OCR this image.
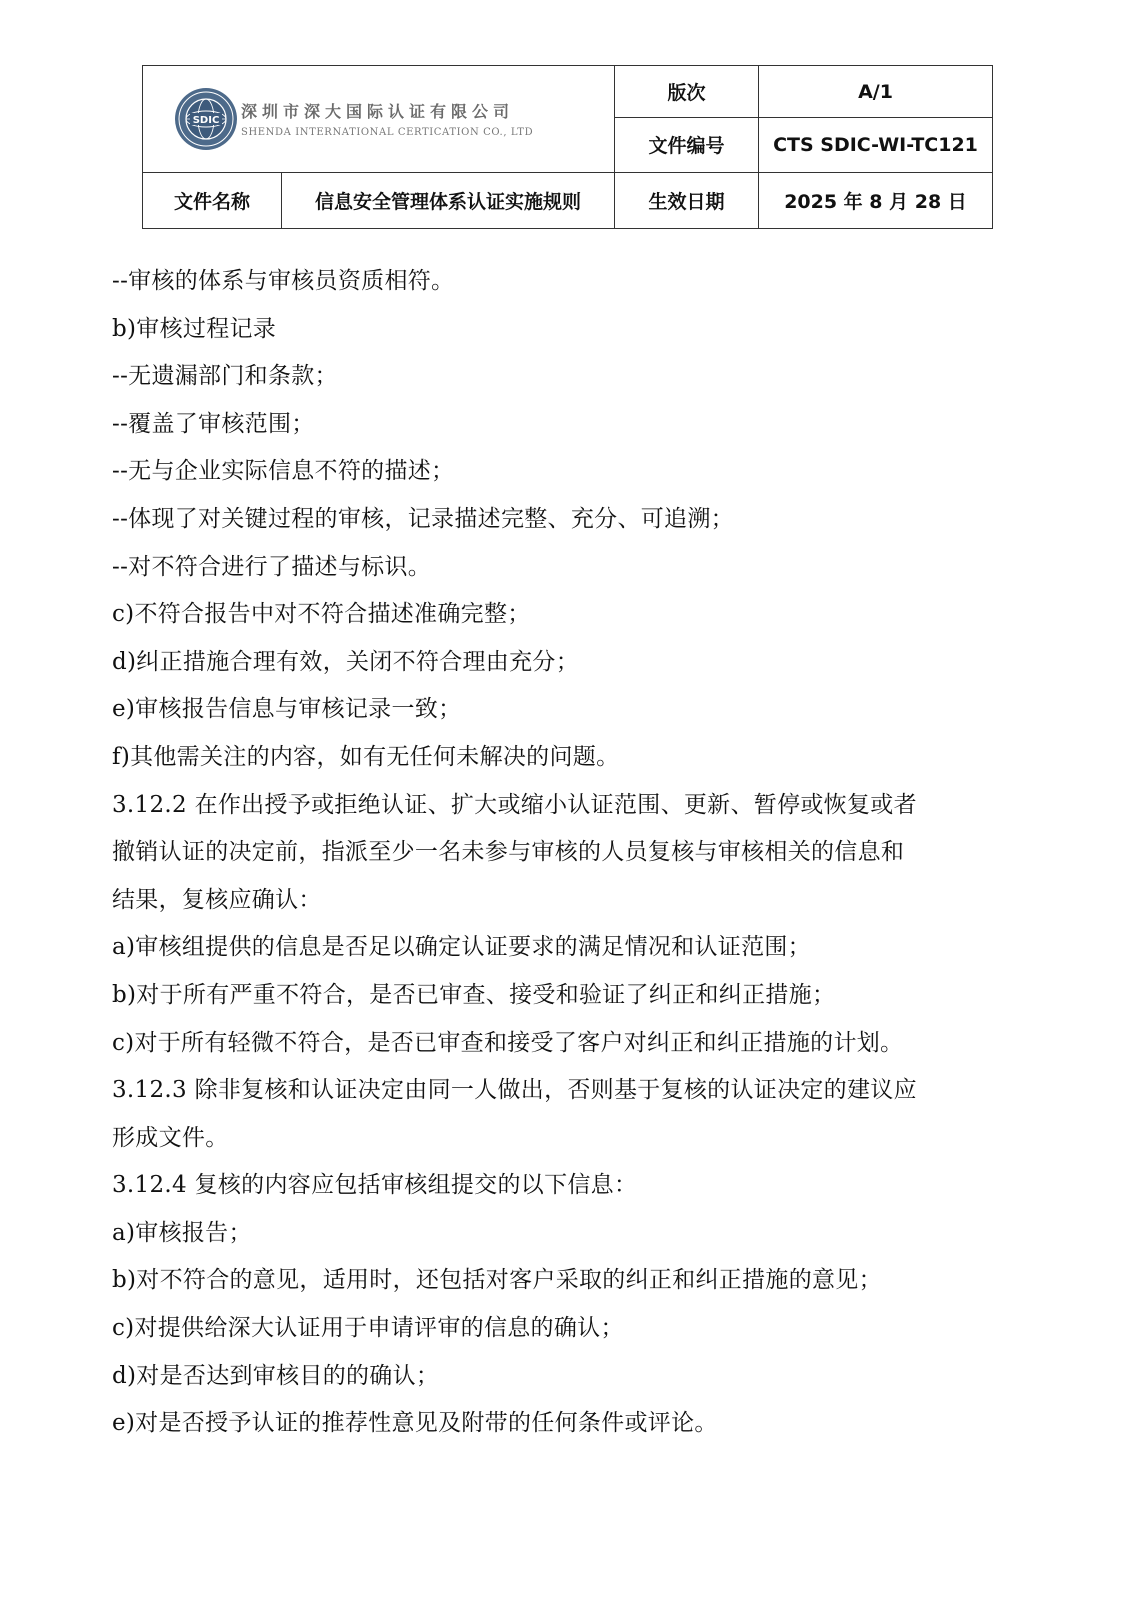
SDIC 深圳市深大国际认证有限公司
SHENDA INTERNATIONAL CERTICATION CO., LTD		版次	A/1
		文件编号	CTS SDIC-WI-TC121
文件名称	信息安全管理体系认证实施规则	生效日期	2025 年 8 月 28 日
--审核的体系与审核员资质相符。
b)审核过程记录
--无遗漏部门和条款；
--覆盖了审核范围；
--无与企业实际信息不符的描述；
--体现了对关键过程的审核，记录描述完整、充分、可追溯；
--对不符合进行了描述与标识。
c)不符合报告中对不符合描述准确完整；
d)纠正措施合理有效，关闭不符合理由充分；
e)审核报告信息与审核记录一致；
f)其他需关注的内容，如有无任何未解决的问题。
3.12.2 在作出授予或拒绝认证、扩大或缩小认证范围、更新、暂停或恢复或者
撤销认证的决定前，指派至少一名未参与审核的人员复核与审核相关的信息和
结果，复核应确认：
a)审核组提供的信息是否足以确定认证要求的满足情况和认证范围；
b)对于所有严重不符合，是否已审查、接受和验证了纠正和纠正措施；
c)对于所有轻微不符合，是否已审查和接受了客户对纠正和纠正措施的计划。
3.12.3 除非复核和认证决定由同一人做出，否则基于复核的认证决定的建议应
形成文件。
3.12.4 复核的内容应包括审核组提交的以下信息：
a)审核报告；
b)对不符合的意见，适用时，还包括对客户采取的纠正和纠正措施的意见；
c)对提供给深大认证用于申请评审的信息的确认；
d)对是否达到审核目的的确认；
e)对是否授予认证的推荐性意见及附带的任何条件或评论。
